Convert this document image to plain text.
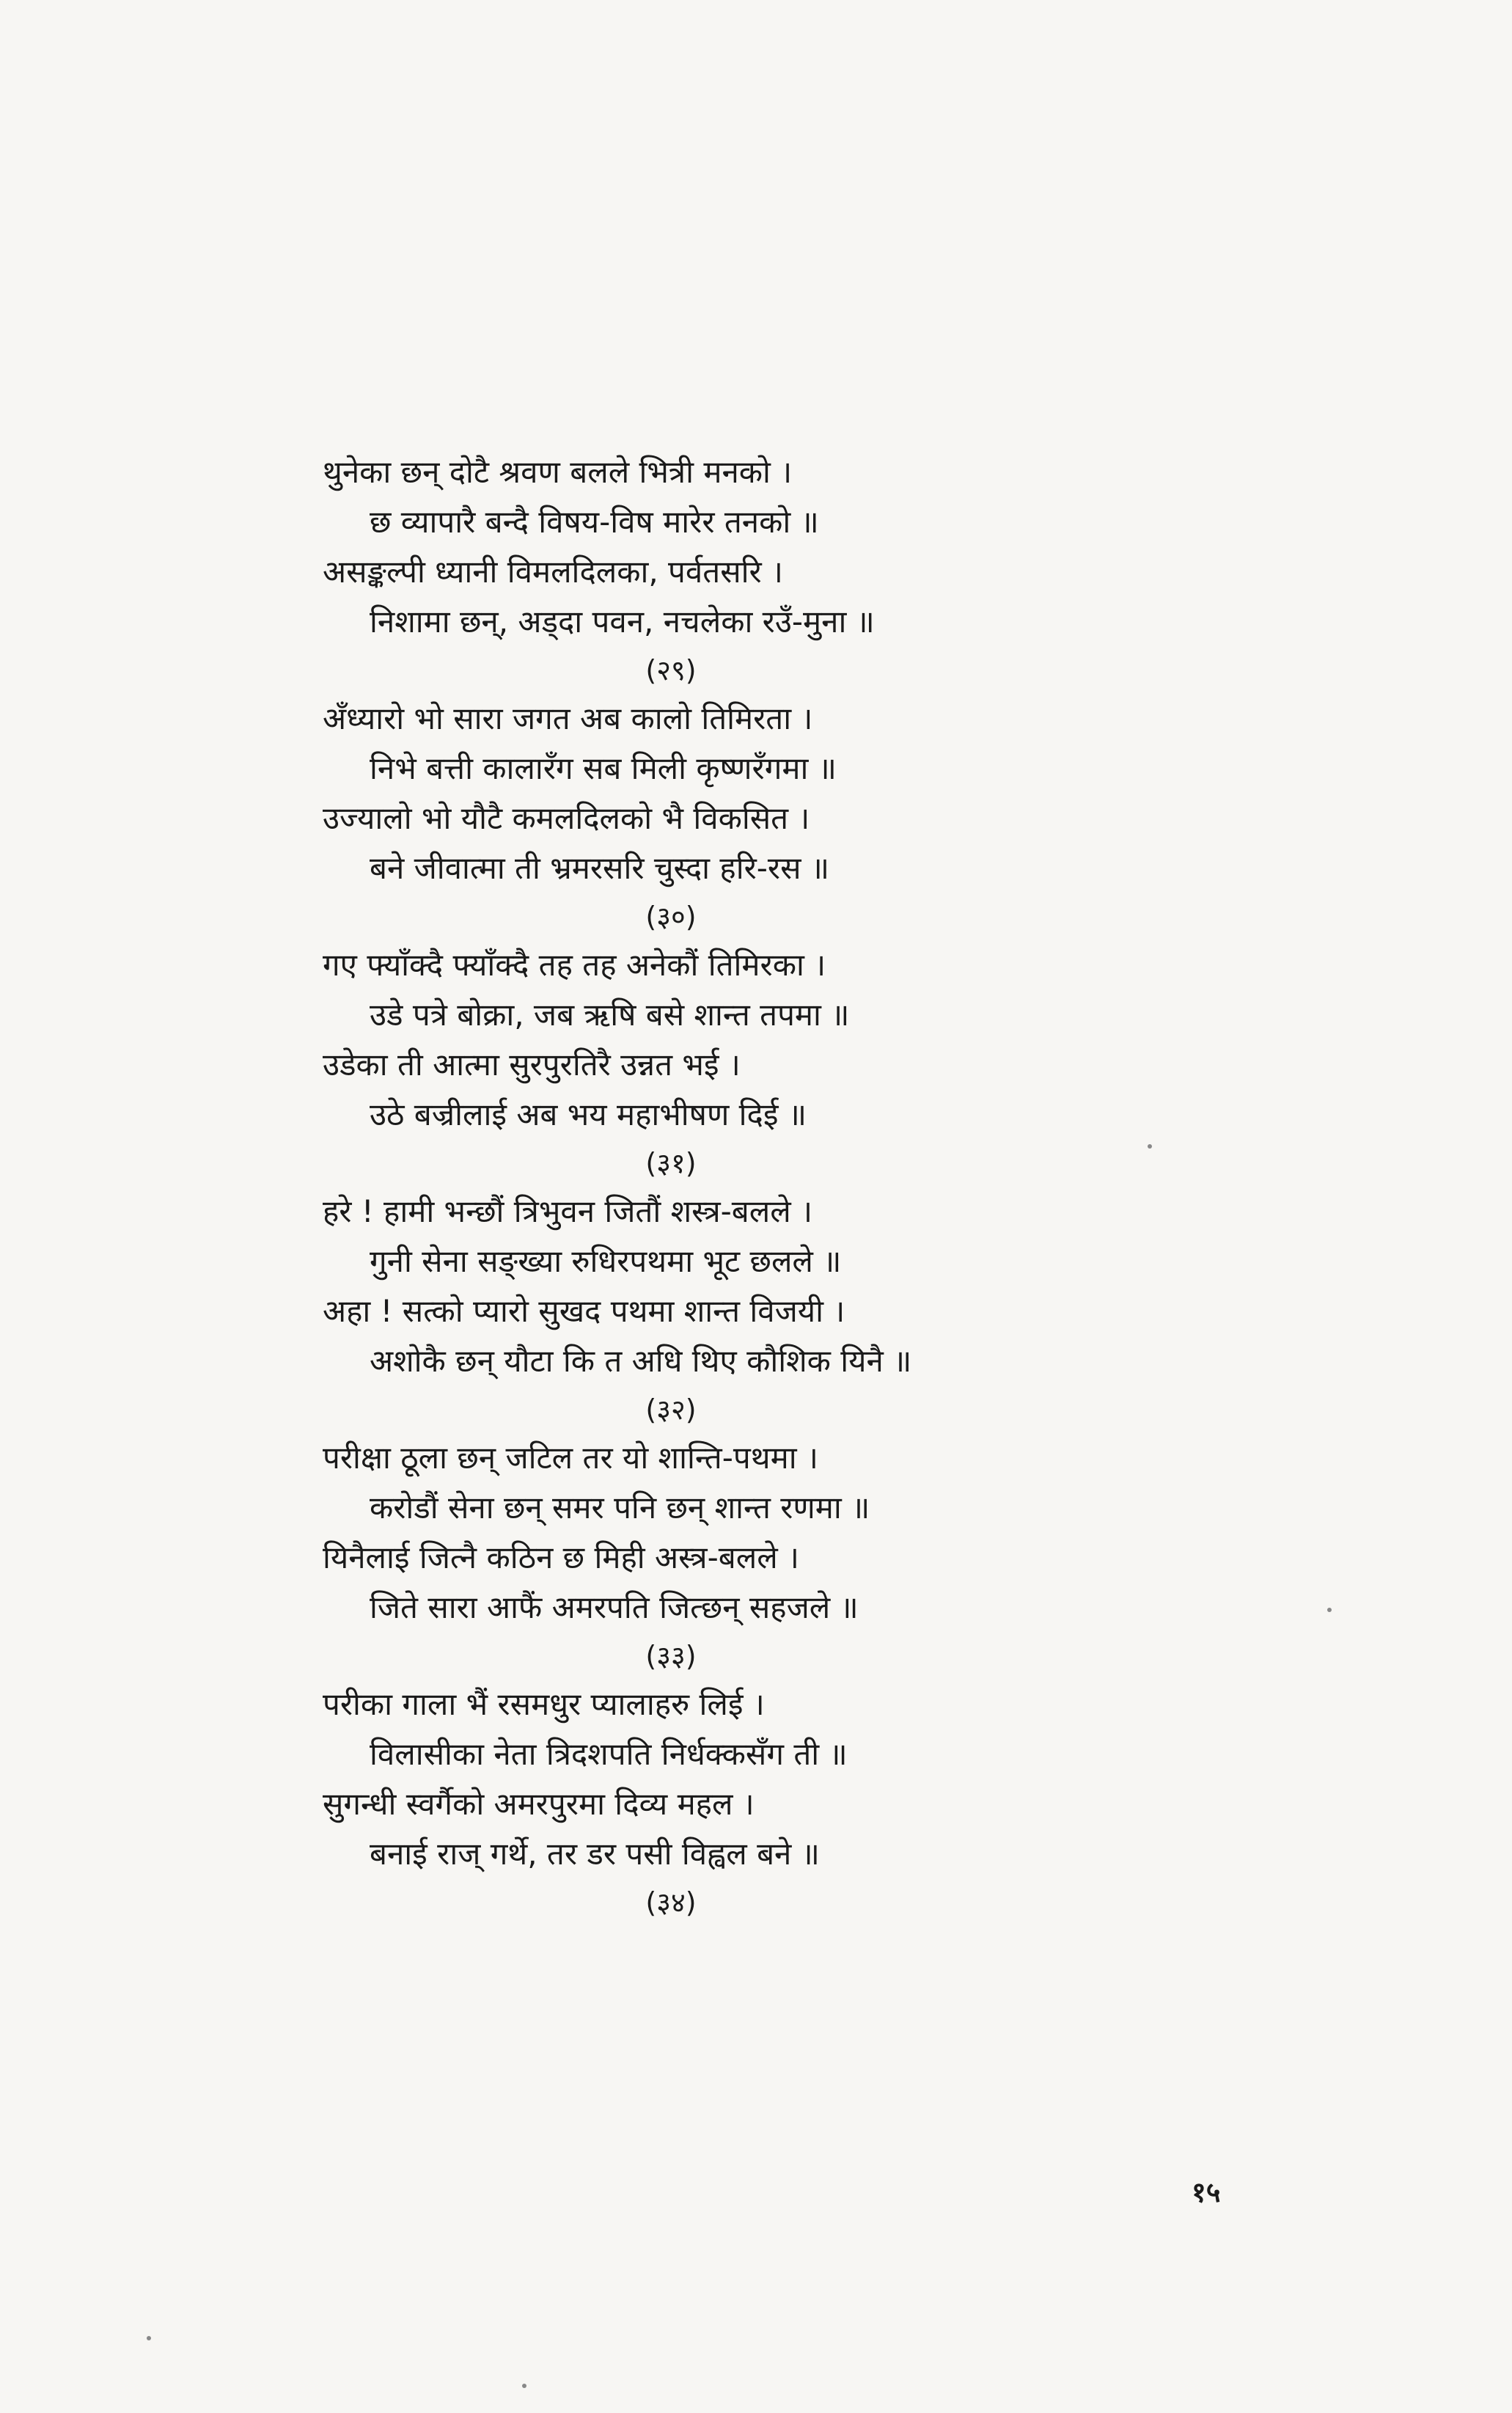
थुनेका छन् दोटै श्रवण बलले भित्री मनको ।
छ व्यापारै बन्दै विषय-विष मारेर तनको ॥
असङ्कल्पी ध्यानी विमलदिलका, पर्वतसरि ।
निशामा छन्, अड्दा पवन, नचलेका रउँ-मुना ॥
(२९)
अँध्यारो भो सारा जगत अब कालो तिमिरता ।
निभे बत्ती कालारँग सब मिली कृष्णरँगमा ॥
उज्यालो भो यौटै कमलदिलको भै विकसित ।
बने जीवात्मा ती भ्रमरसरि चुस्दा हरि-रस ॥
(३०)
गए फ्याँक्दै फ्याँक्दै तह तह अनेकौं तिमिरका ।
उडे पत्रे बोक्रा, जब ऋषि बसे शान्त तपमा ॥
उडेका ती आत्मा सुरपुरतिरै उन्नत भई ।
उठे बज्रीलाई अब भय महाभीषण दिई ॥
(३१)
हरे ! हामी भन्छौं त्रिभुवन जितौं शस्त्र-बलले ।
गुनी सेना सङ्ख्या रुधिरपथमा भूट छलले ॥
अहा ! सत्को प्यारो सुखद पथमा शान्त विजयी ।
अशोकै छन् यौटा कि त अधि थिए कौशिक यिनै ॥
(३२)
परीक्षा ठूला छन् जटिल तर यो शान्ति-पथमा ।
करोडौं सेना छन् समर पनि छन् शान्त रणमा ॥
यिनैलाई जित्नै कठिन छ मिही अस्त्र-बलले ।
जिते सारा आफैं अमरपति जित्छन् सहजले ॥
(३३)
परीका गाला भैं रसमधुर प्यालाहरु लिई ।
विलासीका नेता त्रिदशपति निर्धक्कसँग ती ॥
सुगन्धी स्वर्गैको अमरपुरमा दिव्य महल ।
बनाई राज् गर्थे, तर डर पसी विह्वल बने ॥
(३४)
१५
